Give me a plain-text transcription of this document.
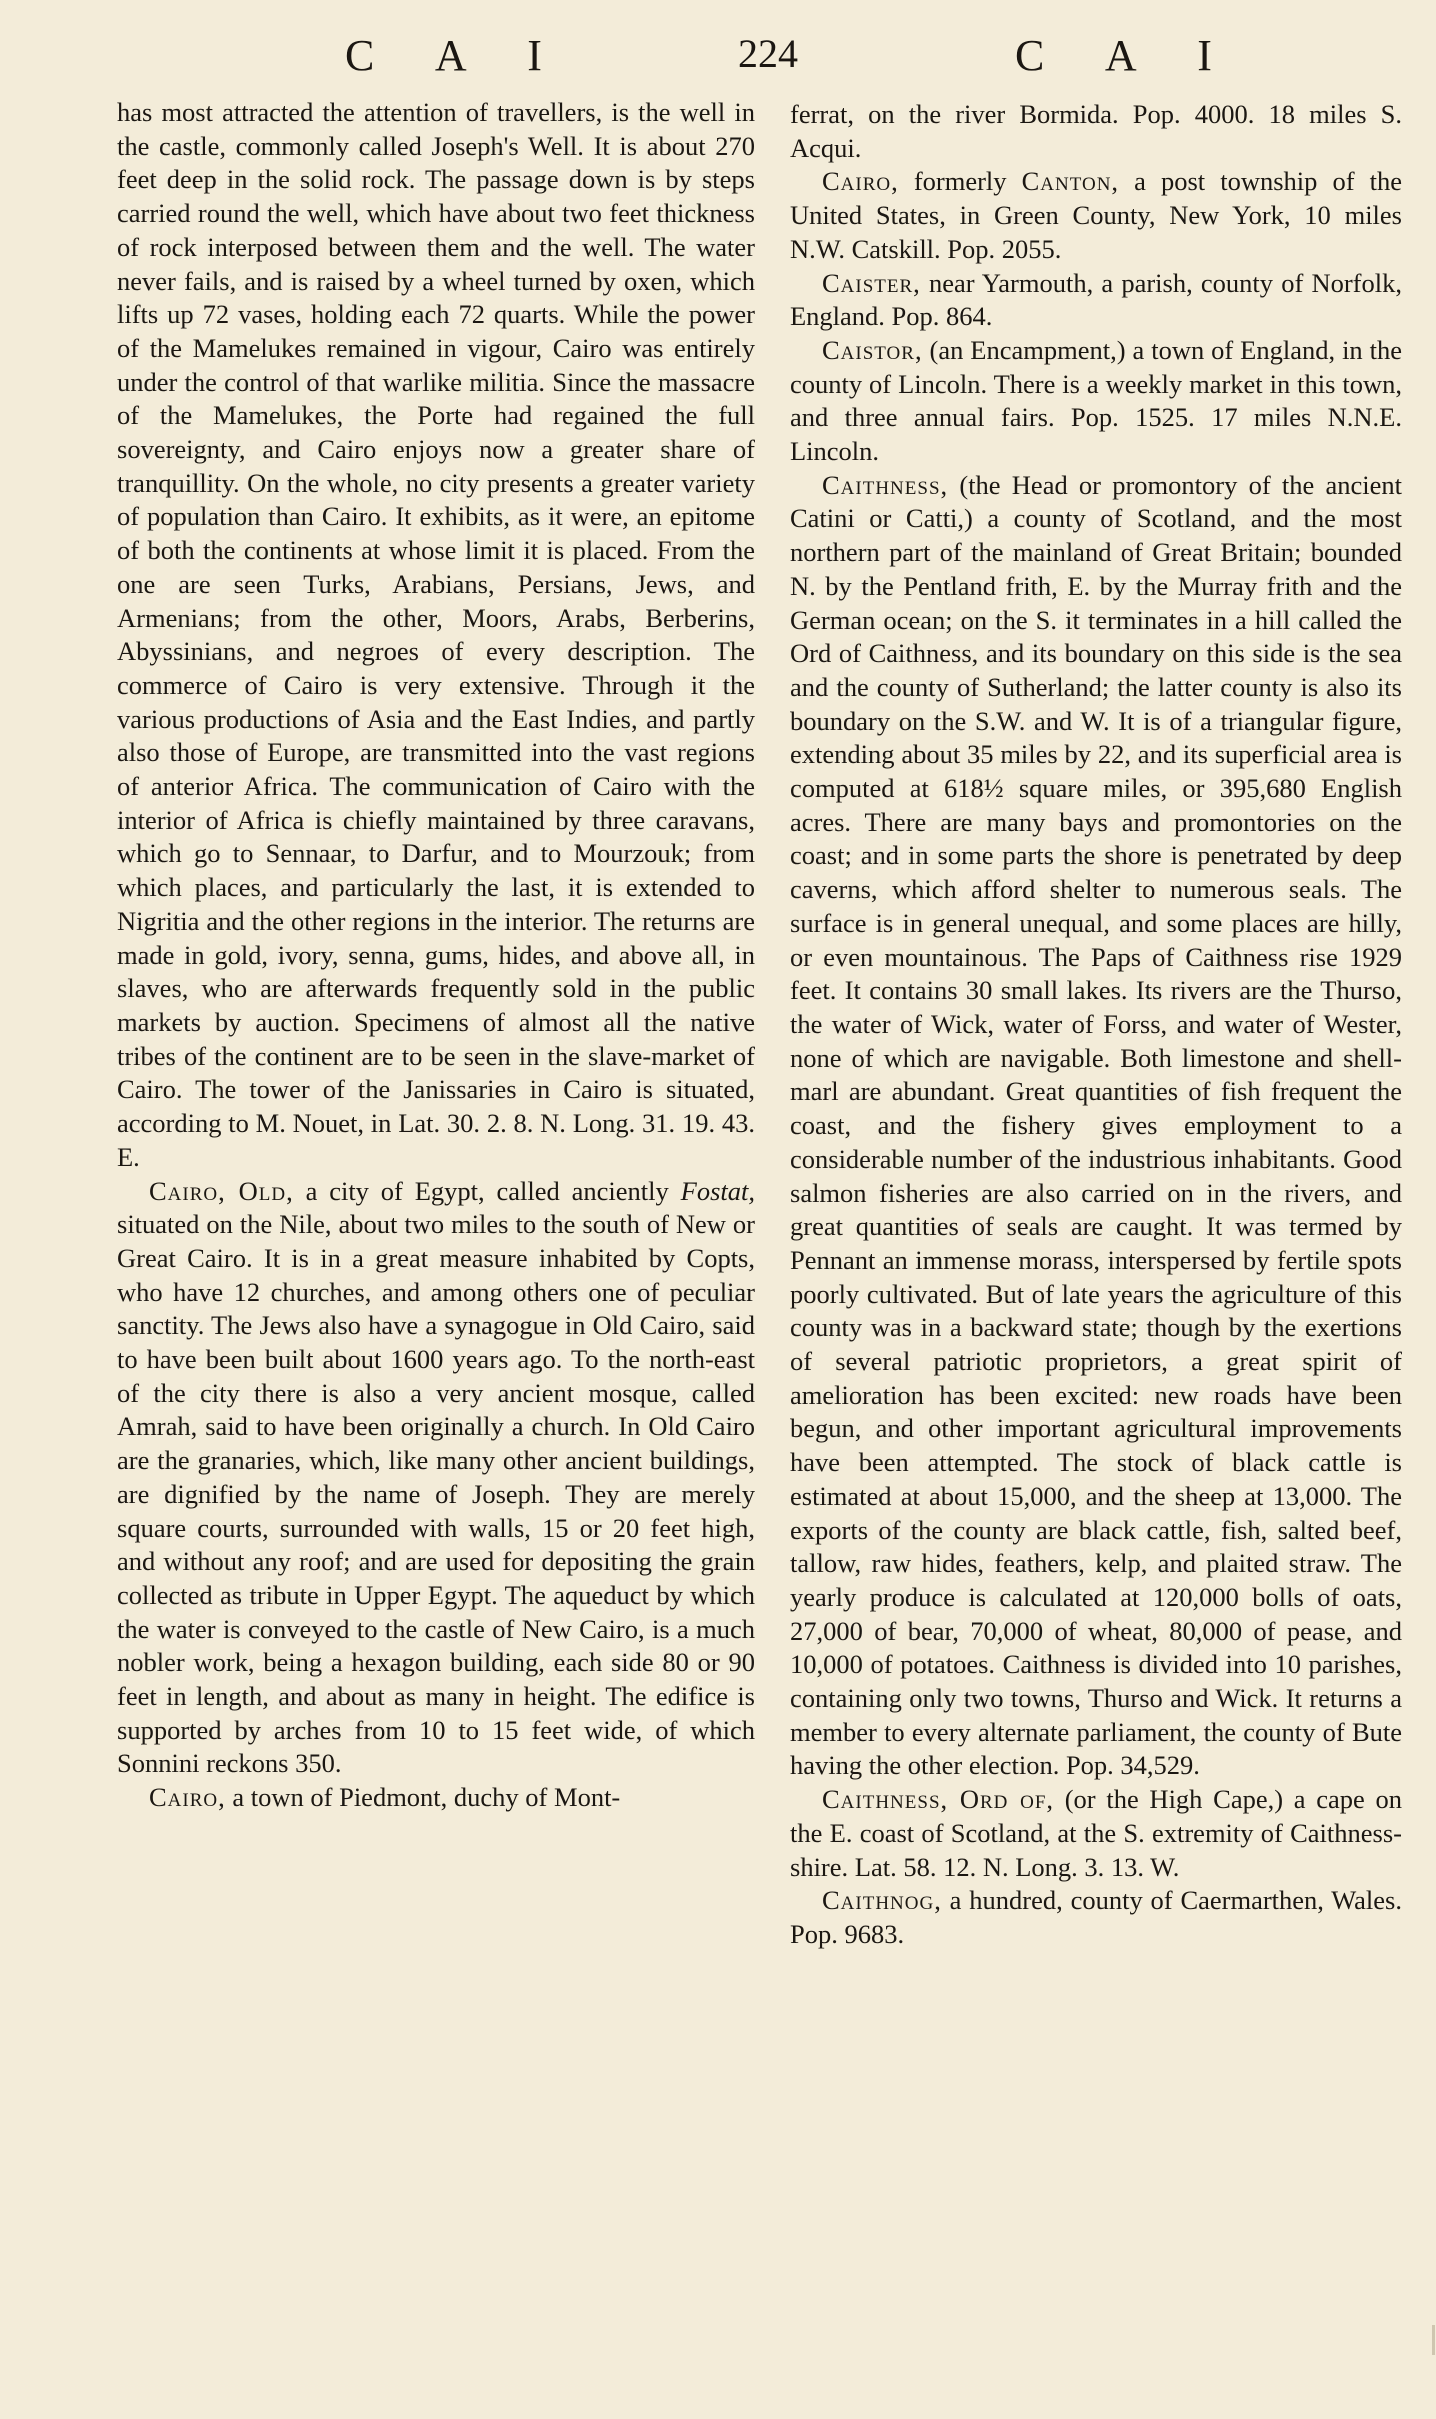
C A I	224	C A I

has most attracted the attention of travellers, is the well in the castle, commonly called Joseph's Well. It is about 270 feet deep in the solid rock. The passage down is by steps carried round the well, which have about two feet thickness of rock interposed between them and the well. The water never fails, and is raised by a wheel turned by oxen, which lifts up 72 vases, holding each 72 quarts. While the power of the Mamelukes remained in vigour, Cairo was entirely under the control of that warlike militia. Since the massacre of the Mamelukes, the Porte had regained the full sovereignty, and Cairo enjoys now a greater share of tranquillity. On the whole, no city presents a greater variety of population than Cairo. It exhibits, as it were, an epitome of both the continents at whose limit it is placed. From the one are seen Turks, Arabians, Persians, Jews, and Armenians; from the other, Moors, Arabs, Berberins, Abyssinians, and negroes of every description. The commerce of Cairo is very extensive. Through it the various productions of Asia and the East Indies, and partly also those of Europe, are transmitted into the vast regions of anterior Africa. The communication of Cairo with the interior of Africa is chiefly maintained by three caravans, which go to Sennaar, to Darfur, and to Mourzouk; from which places, and particularly the last, it is extended to Nigritia and the other regions in the interior. The returns are made in gold, ivory, senna, gums, hides, and above all, in slaves, who are afterwards frequently sold in the public markets by auction. Specimens of almost all the native tribes of the continent are to be seen in the slave-market of Cairo. The tower of the Janissaries in Cairo is situated, according to M. Nouet, in Lat. 30. 2. 8. N. Long. 31. 19. 43. E.

Cairo, Old, a city of Egypt, called anciently Fostat, situated on the Nile, about two miles to the south of New or Great Cairo. It is in a great measure inhabited by Copts, who have 12 churches, and among others one of peculiar sanctity. The Jews also have a synagogue in Old Cairo, said to have been built about 1600 years ago. To the north-east of the city there is also a very ancient mosque, called Amrah, said to have been originally a church. In Old Cairo are the granaries, which, like many other ancient buildings, are dignified by the name of Joseph. They are merely square courts, surrounded with walls, 15 or 20 feet high, and without any roof; and are used for depositing the grain collected as tribute in Upper Egypt. The aqueduct by which the water is conveyed to the castle of New Cairo, is a much nobler work, being a hexagon building, each side 80 or 90 feet in length, and about as many in height. The edifice is supported by arches from 10 to 15 feet wide, of which Sonnini reckons 350.

Cairo, a town of Piedmont, duchy of Mont-

ferrat, on the river Bormida. Pop. 4000. 18 miles S. Acqui.

Cairo, formerly Canton, a post township of the United States, in Green County, New York, 10 miles N.W. Catskill. Pop. 2055.

Caister, near Yarmouth, a parish, county of Norfolk, England. Pop. 864.

Caistor, (an Encampment,) a town of England, in the county of Lincoln. There is a weekly market in this town, and three annual fairs. Pop. 1525. 17 miles N.N.E. Lincoln.

Caithness, (the Head or promontory of the ancient Catini or Catti,) a county of Scotland, and the most northern part of the mainland of Great Britain; bounded N. by the Pentland frith, E. by the Murray frith and the German ocean; on the S. it terminates in a hill called the Ord of Caithness, and its boundary on this side is the sea and the county of Sutherland; the latter county is also its boundary on the S.W. and W. It is of a triangular figure, extending about 35 miles by 22, and its superficial area is computed at 618½ square miles, or 395,680 English acres. There are many bays and promontories on the coast; and in some parts the shore is penetrated by deep caverns, which afford shelter to numerous seals. The surface is in general unequal, and some places are hilly, or even mountainous. The Paps of Caithness rise 1929 feet. It contains 30 small lakes. Its rivers are the Thurso, the water of Wick, water of Forss, and water of Wester, none of which are navigable. Both limestone and shell-marl are abundant. Great quantities of fish frequent the coast, and the fishery gives employment to a considerable number of the industrious inhabitants. Good salmon fisheries are also carried on in the rivers, and great quantities of seals are caught. It was termed by Pennant an immense morass, interspersed by fertile spots poorly cultivated. But of late years the agriculture of this county was in a backward state; though by the exertions of several patriotic proprietors, a great spirit of amelioration has been excited: new roads have been begun, and other important agricultural improvements have been attempted. The stock of black cattle is estimated at about 15,000, and the sheep at 13,000. The exports of the county are black cattle, fish, salted beef, tallow, raw hides, feathers, kelp, and plaited straw. The yearly produce is calculated at 120,000 bolls of oats, 27,000 of bear, 70,000 of wheat, 80,000 of pease, and 10,000 of potatoes. Caithness is divided into 10 parishes, containing only two towns, Thurso and Wick. It returns a member to every alternate parliament, the county of Bute having the other election. Pop. 34,529.

Caithness, Ord of, (or the High Cape,) a cape on the E. coast of Scotland, at the S. extremity of Caithness-shire. Lat. 58. 12. N. Long. 3. 13. W.

Caithnog, a hundred, county of Caermarthen, Wales. Pop. 9683.
